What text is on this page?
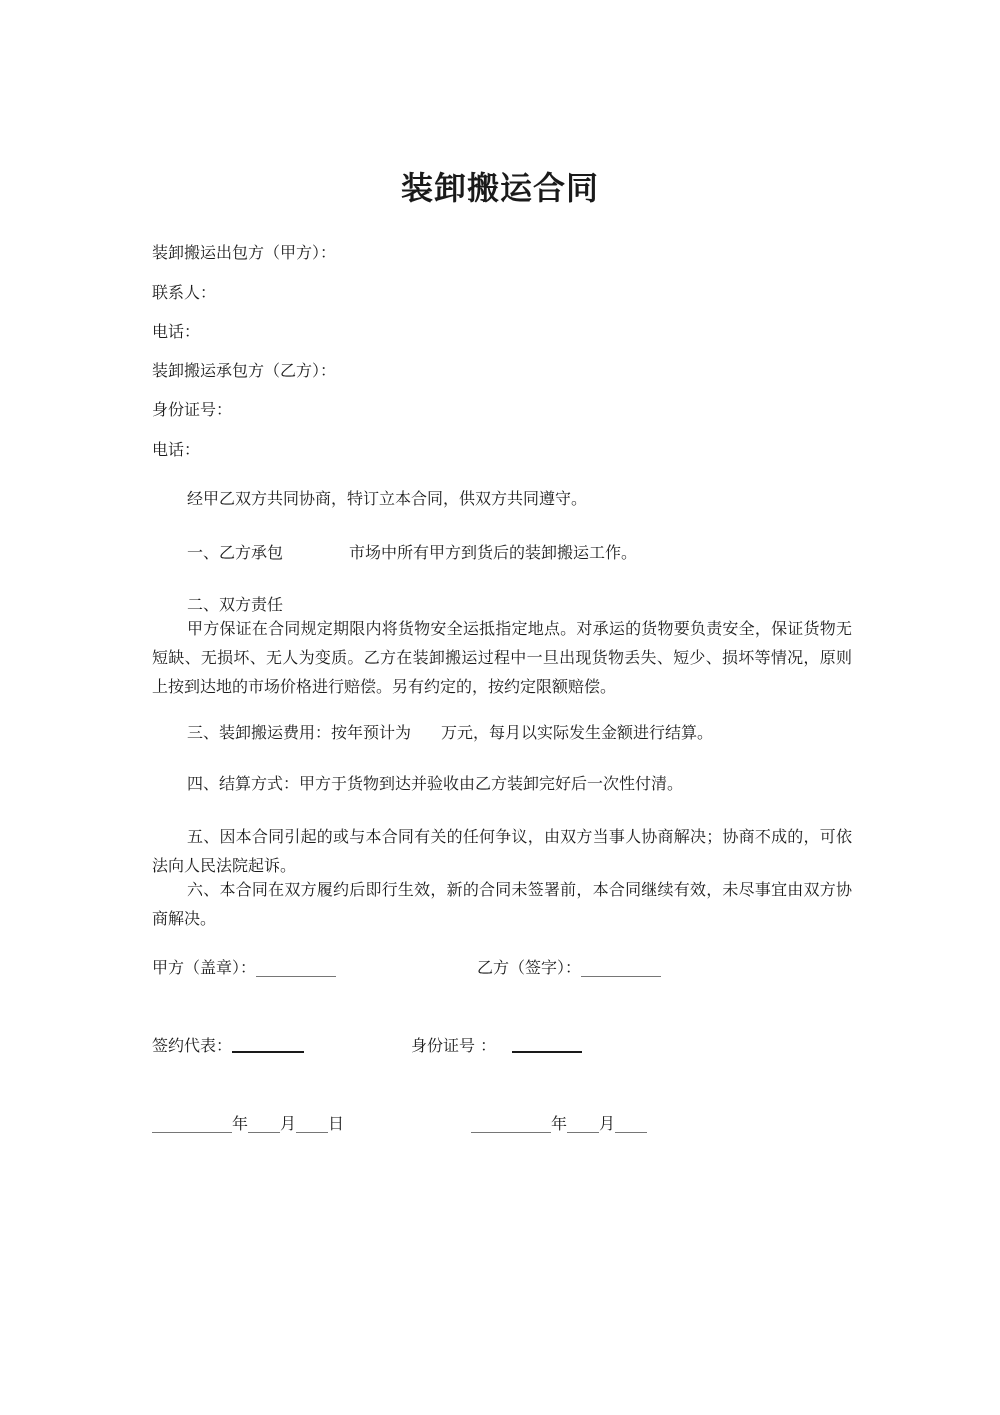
装卸搬运合同
装卸搬运出包方（甲方）：
联系人：
电话：
装卸搬运承包方（乙方）：
身份证号：
电话：
经甲乙双方共同协商，特订立本合同，供双方共同遵守。
一、乙方承包	市场中所有甲方到货后的装卸搬运工作。
二、双方责任
甲方保证在合同规定期限内将货物安全运抵指定地点。对承运的货物要负责安全，保证货物无短缺、无损坏、无人为变质。乙方在装卸搬运过程中一旦出现货物丢失、短少、损坏等情况，原则上按到达地的市场价格进行赔偿。另有约定的，按约定限额赔偿。
三、装卸搬运费用：按年预计为 万元，每月以实际发生金额进行结算。
四、结算方式：甲方于货物到达并验收由乙方装卸完好后一次性付清。
五、因本合同引起的或与本合同有关的任何争议，由双方当事人协商解决；协商不成的，可依法向人民法院起诉。
六、本合同在双方履约后即行生效，新的合同未签署前，本合同继续有效，未尽事宜由双方协商解决。
甲方（盖章）：__________	乙方（签字）：__________
签约代表：	身份证号 ：
__________年____月____日	__________年____月____
